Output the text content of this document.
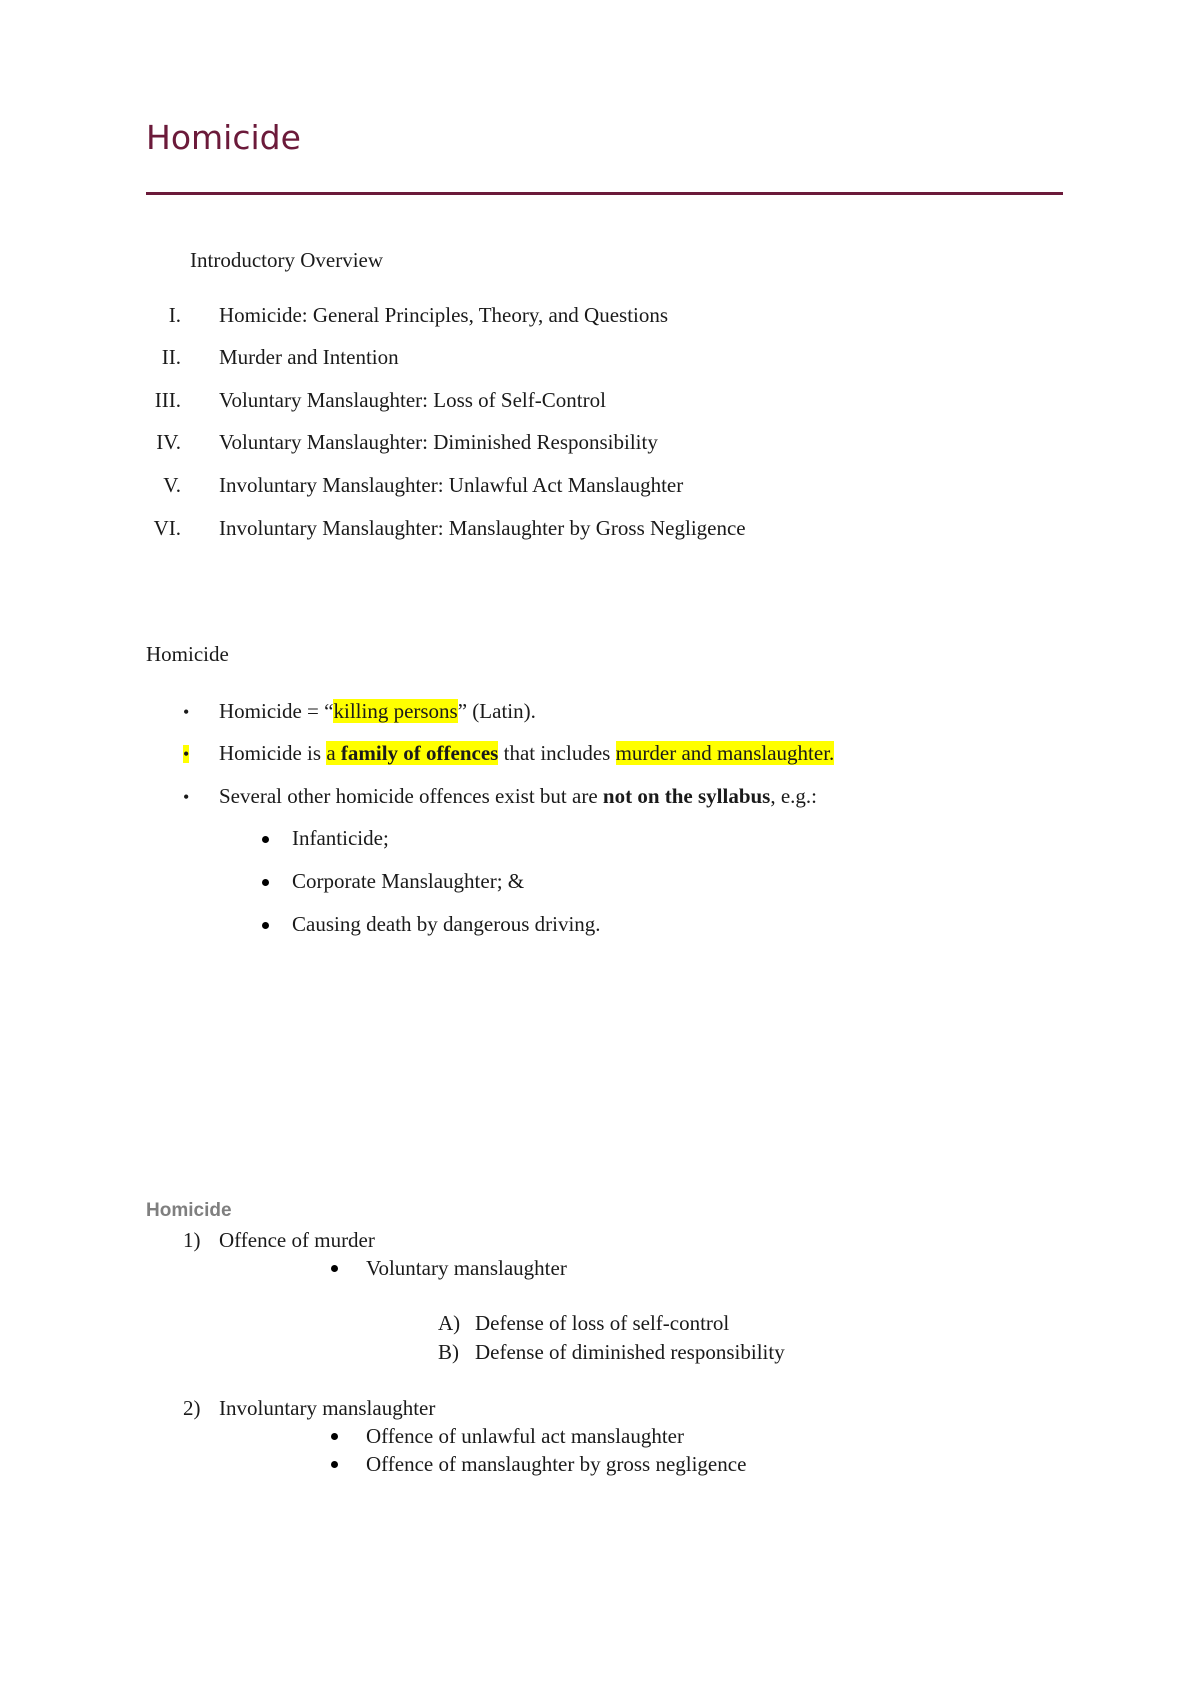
Homicide
Introductory Overview
I. Homicide: General Principles, Theory, and Questions
II. Murder and Intention
III. Voluntary Manslaughter: Loss of Self-Control
IV. Voluntary Manslaughter: Diminished Responsibility
V. Involuntary Manslaughter: Unlawful Act Manslaughter
VI. Involuntary Manslaughter: Manslaughter by Gross Negligence
Homicide
• Homicide = “killing persons” (Latin).
• Homicide is a family of offences that includes murder and manslaughter.
• Several other homicide offences exist but are not on the syllabus, e.g.:
Infanticide;
Corporate Manslaughter; &
Causing death by dangerous driving.
Homicide
1) Offence of murder
Voluntary manslaughter
A) Defense of loss of self-control
B) Defense of diminished responsibility
2) Involuntary manslaughter
Offence of unlawful act manslaughter
Offence of manslaughter by gross negligence
